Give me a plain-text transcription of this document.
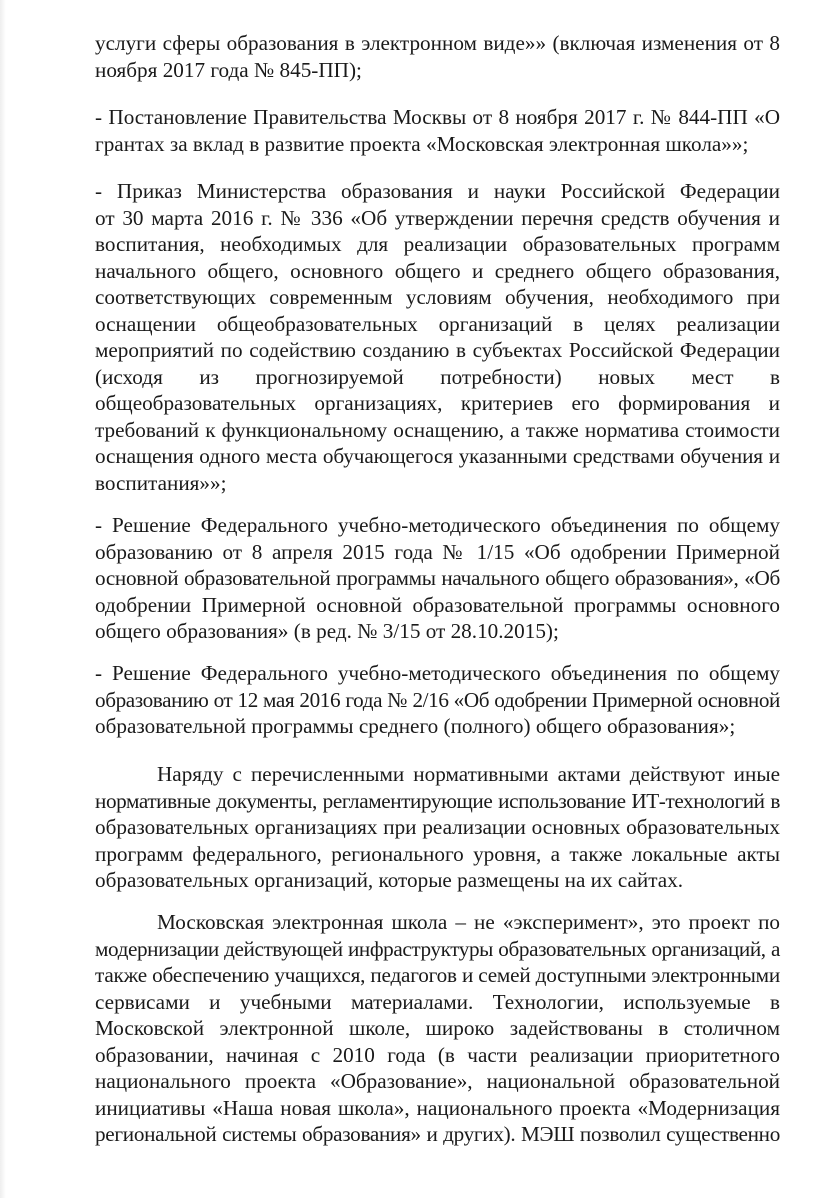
услуги сферы образования в электронном виде»» (включая изменения от 8
ноября 2017 года № 845-ПП);
- Постановление Правительства Москвы от 8 ноября 2017 г. № 844-ПП «О
грантах за вклад в развитие проекта «Московская электронная школа»»;
- Приказ Министерства образования и науки Российской Федерации
от 30 марта 2016 г. № 336 «Об утверждении перечня средств обучения и
воспитания, необходимых для реализации образовательных программ
начального общего, основного общего и среднего общего образования,
соответствующих современным условиям обучения, необходимого при
оснащении общеобразовательных организаций в целях реализации
мероприятий по содействию созданию в субъектах Российской Федерации
(исходя из прогнозируемой потребности) новых мест в
общеобразовательных организациях, критериев его формирования и
требований к функциональному оснащению, а также норматива стоимости
оснащения одного места обучающегося указанными средствами обучения и
воспитания»»;
- Решение Федерального учебно-методического объединения по общему
образованию от 8 апреля 2015 года № 1/15 «Об одобрении Примерной
основной образовательной программы начального общего образования», «Об
одобрении Примерной основной образовательной программы основного
общего образования» (в ред. № 3/15 от 28.10.2015);
- Решение Федерального учебно-методического объединения по общему
образованию от 12 мая 2016 года № 2/16 «Об одобрении Примерной основной
образовательной программы среднего (полного) общего образования»;
Наряду с перечисленными нормативными актами действуют иные
нормативные документы, регламентирующие использование ИТ-технологий в
образовательных организациях при реализации основных образовательных
программ федерального, регионального уровня, а также локальные акты
образовательных организаций, которые размещены на их сайтах.
Московская электронная школа – не «эксперимент», это проект по
модернизации действующей инфраструктуры образовательных организаций, а
также обеспечению учащихся, педагогов и семей доступными электронными
сервисами и учебными материалами. Технологии, используемые в
Московской электронной школе, широко задействованы в столичном
образовании, начиная с 2010 года (в части реализации приоритетного
национального проекта «Образование», национальной образовательной
инициативы «Наша новая школа», национального проекта «Модернизация
региональной системы образования» и других). МЭШ позволил существенно
